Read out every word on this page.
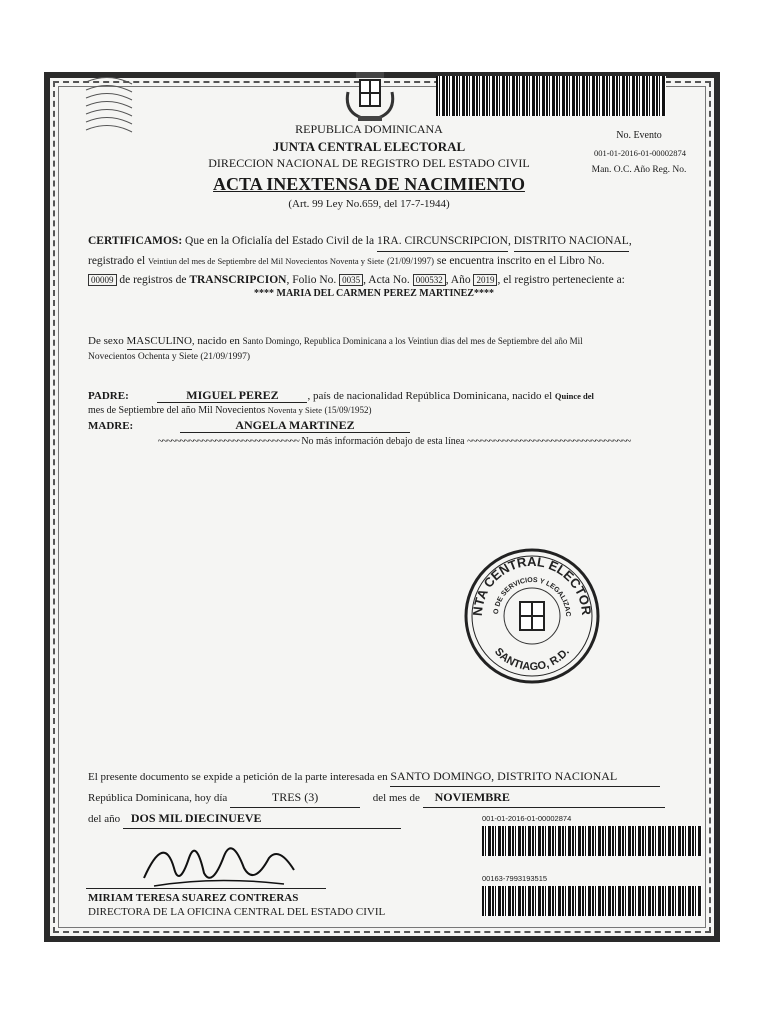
REPUBLICA DOMINICANA
JUNTA CENTRAL ELECTORAL
DIRECCION NACIONAL DE REGISTRO DEL ESTADO CIVIL
ACTA INEXTENSA DE NACIMIENTO
(Art. 99 Ley No.659, del 17-7-1944)
No. Evento
001-01-2016-01-00002874
Man. O.C. Año Reg. No.
CERTIFICAMOS: Que en la Oficialía del Estado Civil de la 1RA. CIRCUNSCRIPCION, DISTRITO NACIONAL,
registrado el Veintiun del mes de Septiembre del Mil Novecientos Noventa y Siete (21/09/1997) se encuentra inscrito en el Libro No.
00009 de registros de TRANSCRIPCION, Folio No. 0035 , Acta No. 000532 , Año 2019 , el registro perteneciente a:
**** MARIA DEL CARMEN PEREZ MARTINEZ****
De sexo MASCULINO, nacido en Santo Domingo, Republica Dominicana a los Veintiun dias del mes de Septiembre del año Mil
Novecientos Ochenta y Siete (21/09/1997)
PADRE:	MIGUEL PEREZ	, país de nacionalidad República Dominicana, nacido el Quince del
mes de Septiembre del año Mil Novecientos Noventa y Siete (15/09/1952)
MADRE:	ANGELA MARTINEZ
~~~~~~~~~~~~~~~~~~~~~~~~~~~~~~~~ No más información debajo de esta línea ~~~~~~~~~~~~~~~~~~~~~~~~~~~~~~~~~~~~~
NTA CENTRAL ELECTOR
O DE SERVICIOS Y LEGALIZAC
SANTIAGO, R.D.
El presente documento se expide a petición de la parte interesada en SANTO DOMINGO, DISTRITO NACIONAL
República Dominicana, hoy día	TRES (3)	del mes de NOVIEMBRE
del año DOS MIL DIECINUEVE	001-01-2016-01-00002874
00163-7993193515
MIRIAM TERESA SUAREZ CONTRERAS
DIRECTORA DE LA OFICINA CENTRAL DEL ESTADO CIVIL
